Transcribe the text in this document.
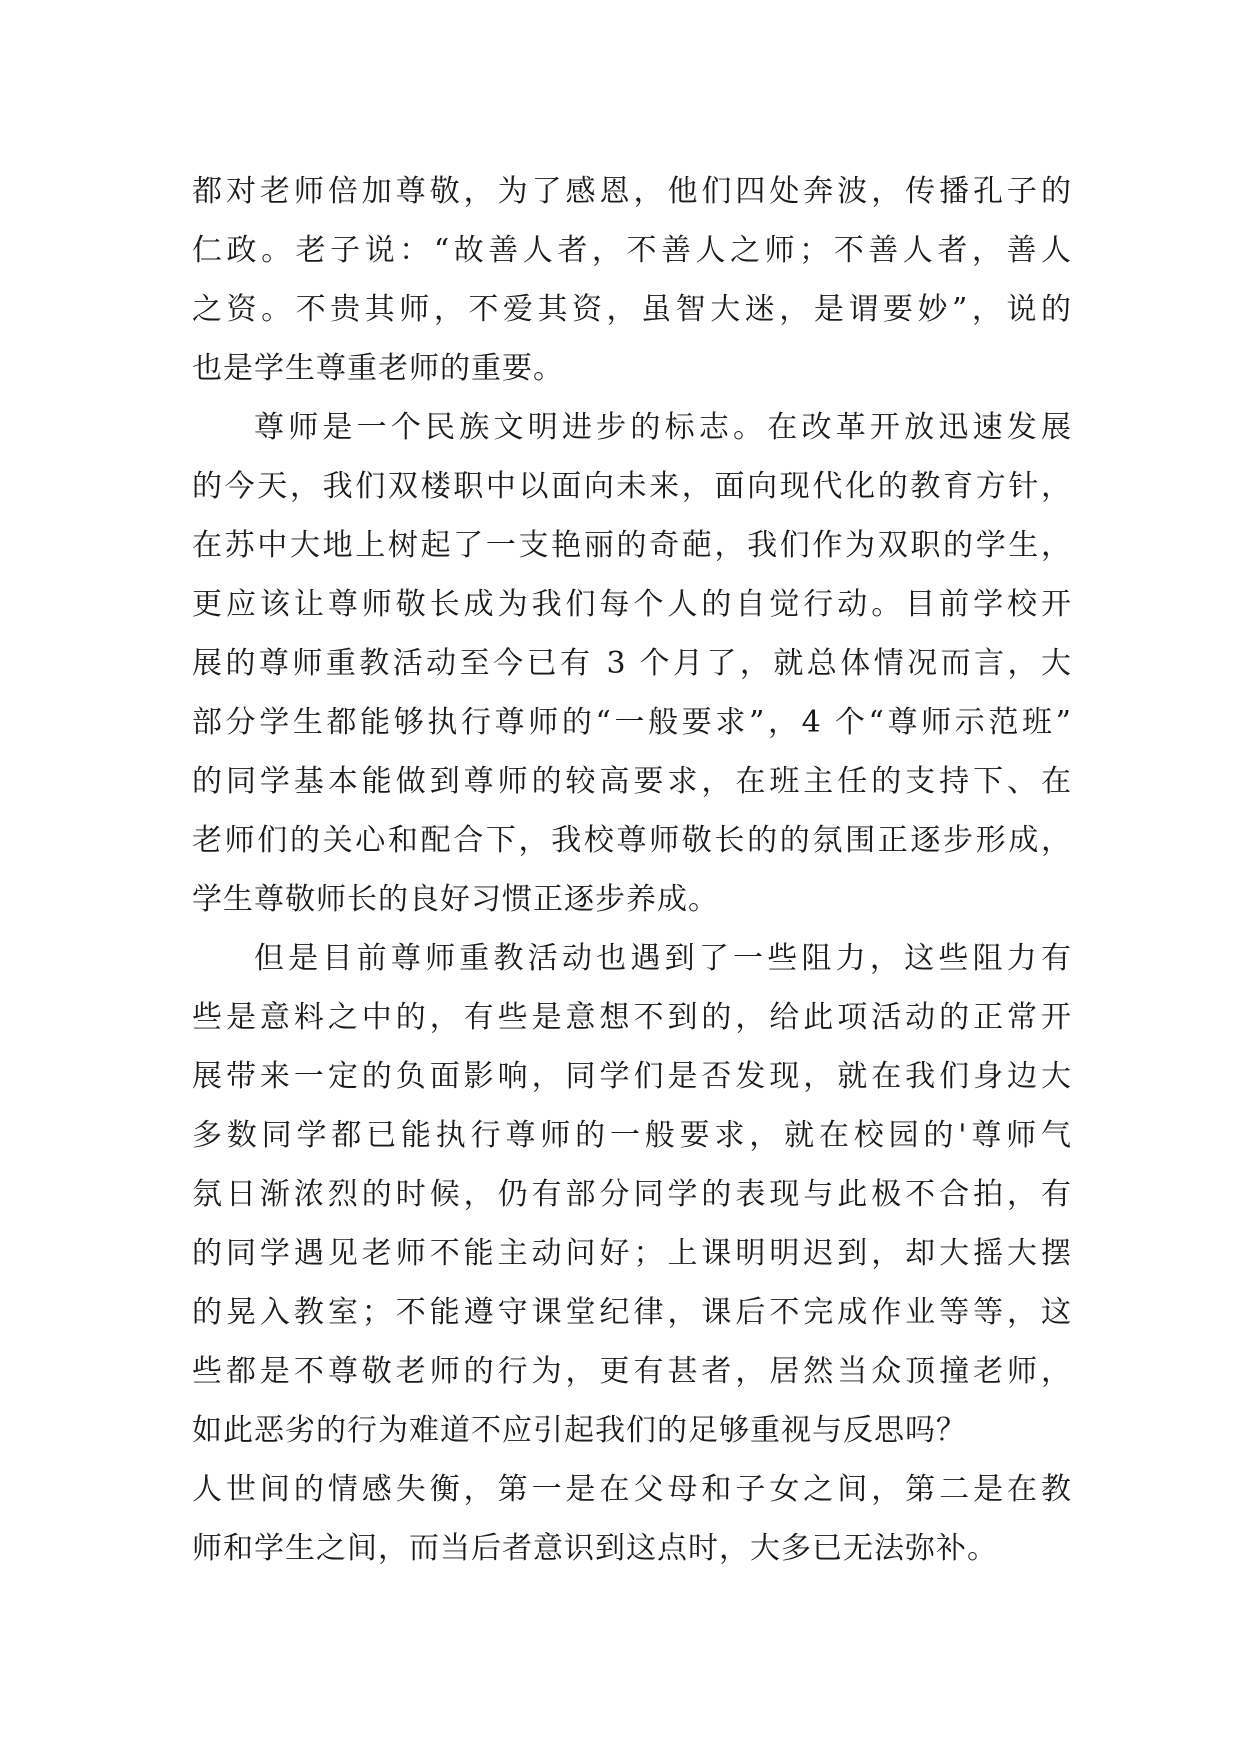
都对老师倍加尊敬，为了感恩，他们四处奔波，传播孔子的
仁政。老子说：“故善人者，不善人之师；不善人者，善人
之资。不贵其师，不爱其资，虽智大迷，是谓要妙”，说的
也是学生尊重老师的重要。
尊师是一个民族文明进步的标志。在改革开放迅速发展
的今天，我们双楼职中以面向未来，面向现代化的教育方针，
在苏中大地上树起了一支艳丽的奇葩，我们作为双职的学生，
更应该让尊师敬长成为我们每个人的自觉行动。目前学校开
展的尊师重教活动至今已有 3 个月了，就总体情况而言，大
部分学生都能够执行尊师的“一般要求”，4 个“尊师示范班”
的同学基本能做到尊师的较高要求，在班主任的支持下、在
老师们的关心和配合下，我校尊师敬长的的氛围正逐步形成，
学生尊敬师长的良好习惯正逐步养成。
但是目前尊师重教活动也遇到了一些阻力，这些阻力有
些是意料之中的，有些是意想不到的，给此项活动的正常开
展带来一定的负面影响，同学们是否发现，就在我们身边大
多数同学都已能执行尊师的一般要求，就在校园的'尊师气
氛日渐浓烈的时候，仍有部分同学的表现与此极不合拍，有
的同学遇见老师不能主动问好；上课明明迟到，却大摇大摆
的晃入教室；不能遵守课堂纪律，课后不完成作业等等，这
些都是不尊敬老师的行为，更有甚者，居然当众顶撞老师，
如此恶劣的行为难道不应引起我们的足够重视与反思吗？
人世间的情感失衡，第一是在父母和子女之间，第二是在教
师和学生之间，而当后者意识到这点时，大多已无法弥补。
